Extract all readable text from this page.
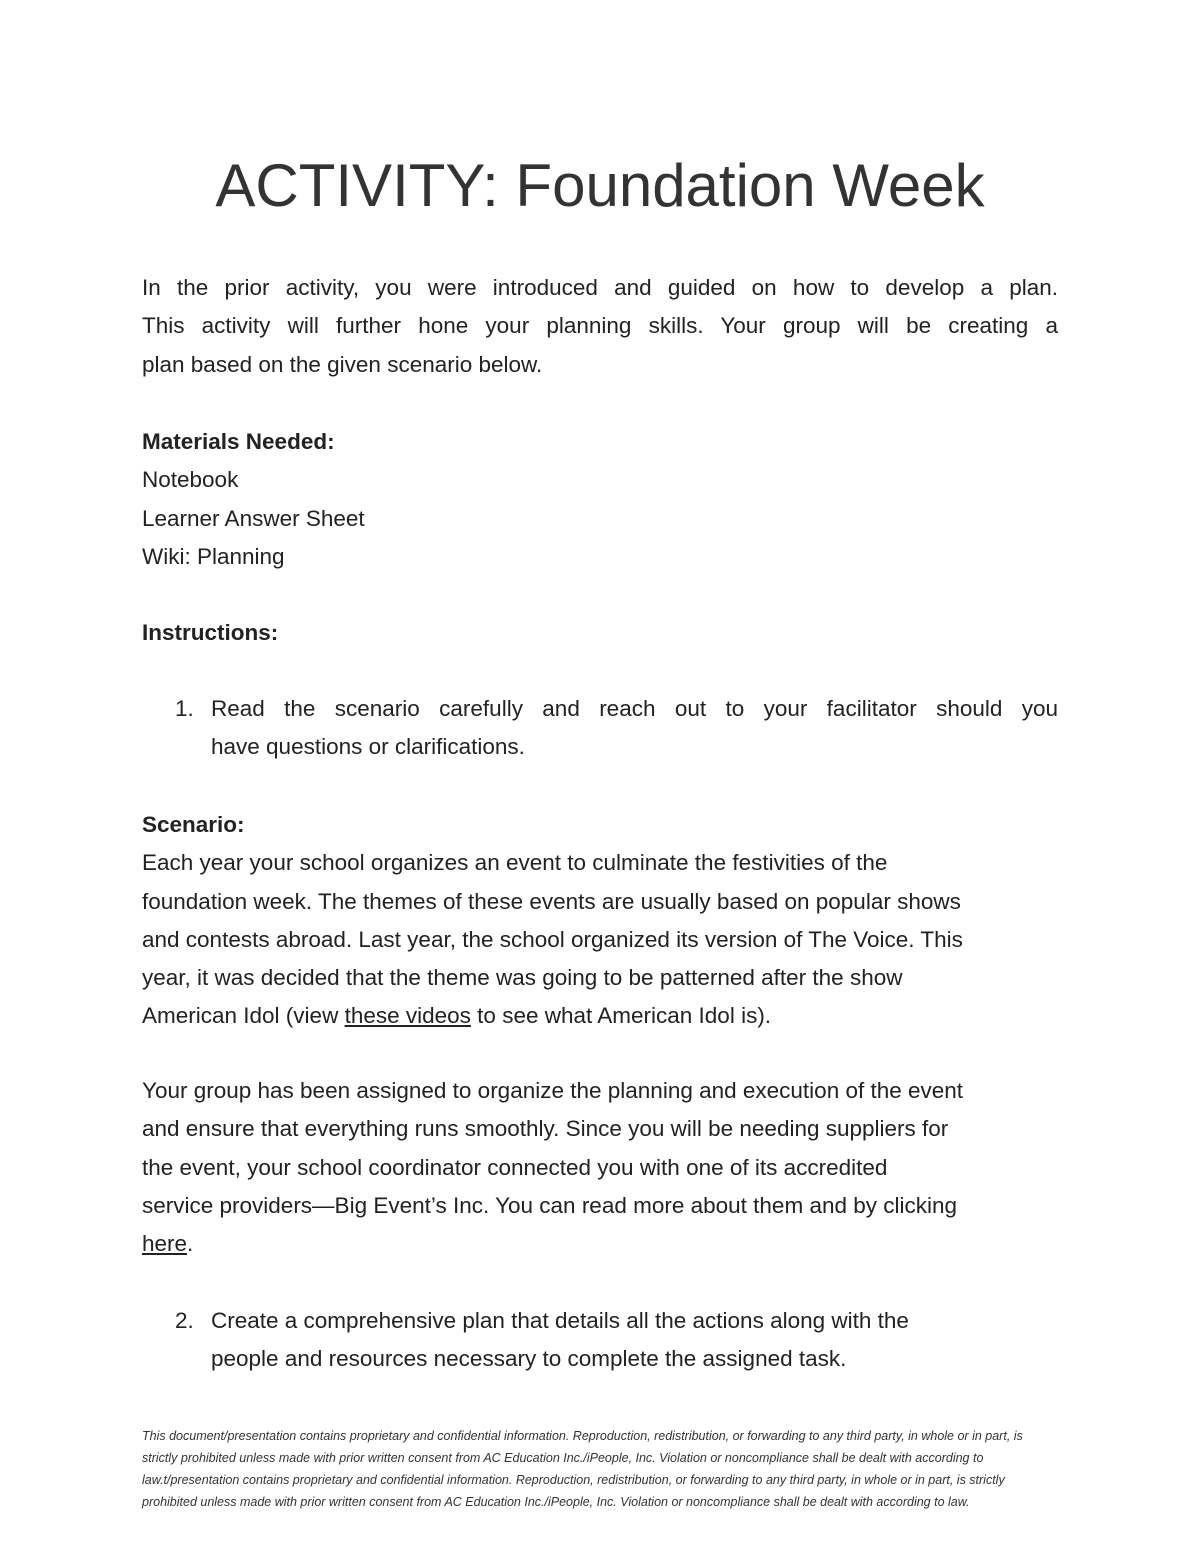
ACTIVITY: Foundation Week
In the prior activity, you were introduced and guided on how to develop a plan.
This activity will further hone your planning skills. Your group will be creating a
plan based on the given scenario below.
Materials Needed:
Notebook
Learner Answer Sheet
Wiki: Planning
Instructions:
1. Read the scenario carefully and reach out to your facilitator should you
have questions or clarifications.
Scenario:
Each year your school organizes an event to culminate the festivities of the
foundation week. The themes of these events are usually based on popular shows
and contests abroad. Last year, the school organized its version of The Voice. This
year, it was decided that the theme was going to be patterned after the show
American Idol (view these videos to see what American Idol is).
Your group has been assigned to organize the planning and execution of the event
and ensure that everything runs smoothly. Since you will be needing suppliers for
the event, your school coordinator connected you with one of its accredited
service providers—Big Event’s Inc. You can read more about them and by clicking
here.
2. Create a comprehensive plan that details all the actions along with the
people and resources necessary to complete the assigned task.

This document/presentation contains proprietary and confidential information. Reproduction, redistribution, or forwarding to any third party, in whole or in part, is strictly prohibited unless made with prior written consent from AC Education Inc./iPeople, Inc. Violation or noncompliance shall be dealt with according to law.t/presentation contains proprietary and confidential information. Reproduction, redistribution, or forwarding to any third party, in whole or in part, is strictly prohibited unless made with prior written consent from AC Education Inc./iPeople, Inc. Violation or noncompliance shall be dealt with according to law.
